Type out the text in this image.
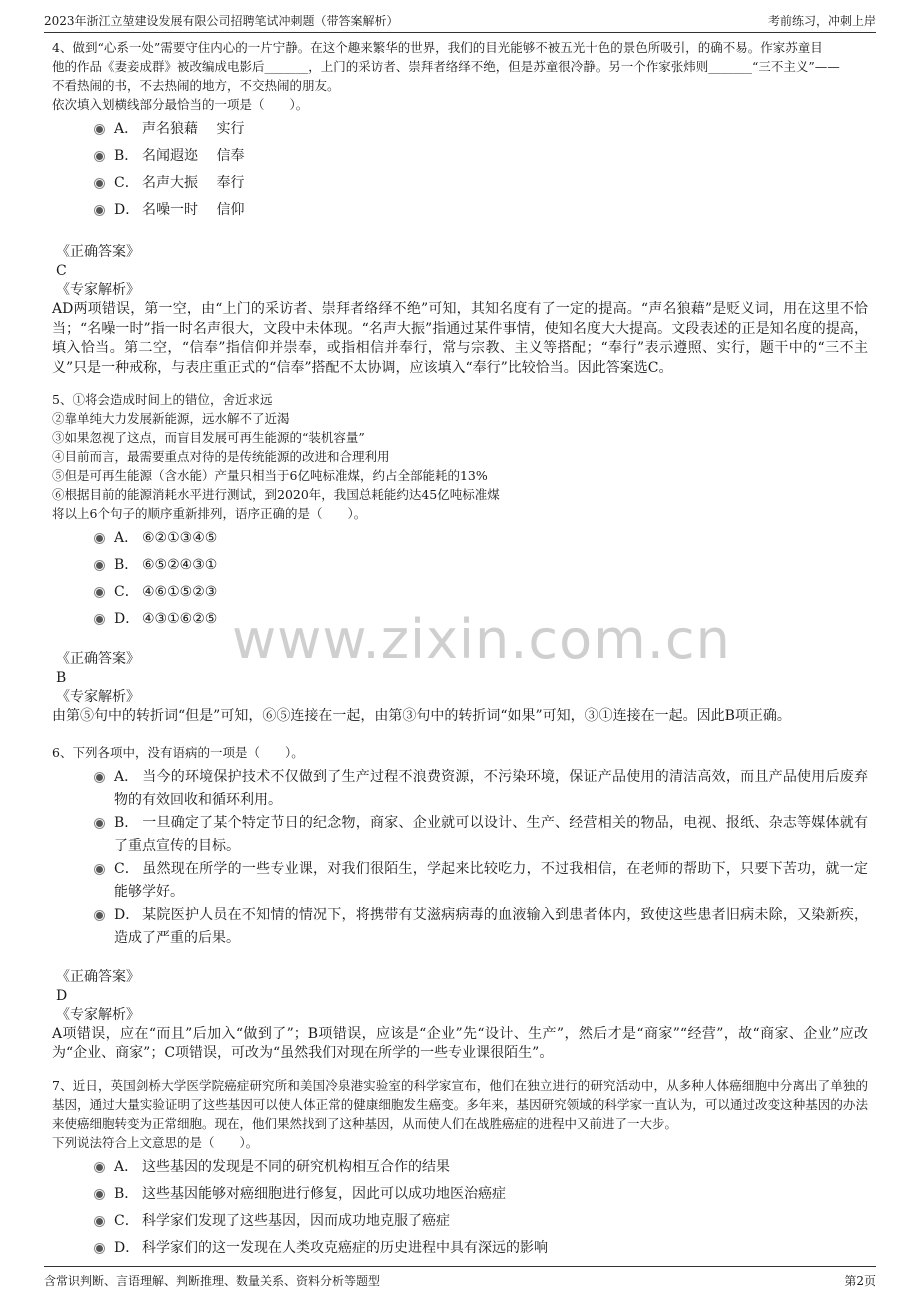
2023年浙江立堃建设发展有限公司招聘笔试冲刺题（带答案解析）	考前练习，冲刺上岸
www.zixin.com.cn

4、做到“心系一处”需要守住内心的一片宁静。在这个趣来繁华的世界，我们的目光能够不被五光十色的景色所吸引，的确不易。作家苏童目

他的作品《妻妾成群》被改编成电影后_______，上门的采访者、崇拜者络绎不绝，但是苏童很冷静。另一个作家张炜则_______“三不主义”——

不看热闹的书，不去热闹的地方，不交热闹的朋友。

依次填入划横线部分最恰当的一项是（　　）。

A． 声名狼藉　 实行
B． 名闻遐迩　 信奉
C． 名声大振　 奉行
D． 名噪一时　 信仰
《正确答案》
C
《专家解析》

AD两项错误，第一空，由“上门的采访者、崇拜者络绎不绝”可知，其知名度有了一定的提高。“声名狼藉”是贬义词，用在这里不恰当；“名噪一时”指一时名声很大，文段中未体现。“名声大振”指通过某件事情，使知名度大大提高。文段表述的正是知名度的提高，填入恰当。第二空，“信奉”指信仰并崇奉，或指相信并奉行，常与宗教、主义等搭配；“奉行”表示遵照、实行，题干中的“三不主义”只是一种戒称，与表庄重正式的“信奉”搭配不太协调，应该填入“奉行”比较恰当。因此答案选C。

5、①将会造成时间上的错位，舍近求远

②靠单纯大力发展新能源，远水解不了近渴

③如果忽视了这点，而盲目发展可再生能源的“装机容量”

④目前而言，最需要重点对待的是传统能源的改进和合理利用

⑤但是可再生能源（含水能）产量只相当于6亿吨标准煤，约占全部能耗的13%

⑥根据目前的能源消耗水平进行测试，到2020年，我国总耗能约达45亿吨标准煤

将以上6个句子的顺序重新排列，语序正确的是（　　）。

A． ⑥②①③④⑤
B． ⑥⑤②④③①
C． ④⑥①⑤②③
D． ④③①⑥②⑤
《正确答案》
B
《专家解析》

由第⑤句中的转折词“但是”可知，⑥⑤连接在一起，由第③句中的转折词“如果”可知，③①连接在一起。因此B项正确。

6、下列各项中，没有语病的一项是（　　）。

A． 当今的环境保护技术不仅做到了生产过程不浪费资源，不污染环境，保证产品使用的清洁高效，而且产品使用后废弃物的有效回收和循环利用。
B． 一旦确定了某个特定节日的纪念物，商家、企业就可以设计、生产、经营相关的物品，电视、报纸、杂志等媒体就有了重点宣传的目标。
C． 虽然现在所学的一些专业课，对我们很陌生，学起来比较吃力，不过我相信，在老师的帮助下，只要下苦功，就一定能够学好。
D． 某院医护人员在不知情的情况下，将携带有艾滋病病毒的血液输入到患者体内，致使这些患者旧病未除，又染新疾，造成了严重的后果。
《正确答案》
D
《专家解析》

A项错误，应在“而且”后加入“做到了”；B项错误，应该是“企业”先“设计、生产”，然后才是“商家”“经营”，故“商家、企业”应改为“企业、商家”；C项错误，可改为“虽然我们对现在所学的一些专业课很陌生”。

7、近日，英国剑桥大学医学院癌症研究所和美国冷泉港实验室的科学家宣布，他们在独立进行的研究活动中，从多种人体癌细胞中分离出了单独的基因，通过大量实验证明了这些基因可以使人体正常的健康细胞发生癌变。多年来，基因研究领域的科学家一直认为，可以通过改变这种基因的办法来使癌细胞转变为正常细胞。现在，他们果然找到了这种基因，从而使人们在战胜癌症的进程中又前进了一大步。

下列说法符合上文意思的是（　　）。

A． 这些基因的发现是不同的研究机构相互合作的结果
B． 这些基因能够对癌细胞进行修复，因此可以成功地医治癌症
C． 科学家们发现了这些基因，因而成功地克服了癌症
D． 科学家们的这一发现在人类攻克癌症的历史进程中具有深远的影响
含常识判断、言语理解、判断推理、数量关系、资料分析等题型	第2页
